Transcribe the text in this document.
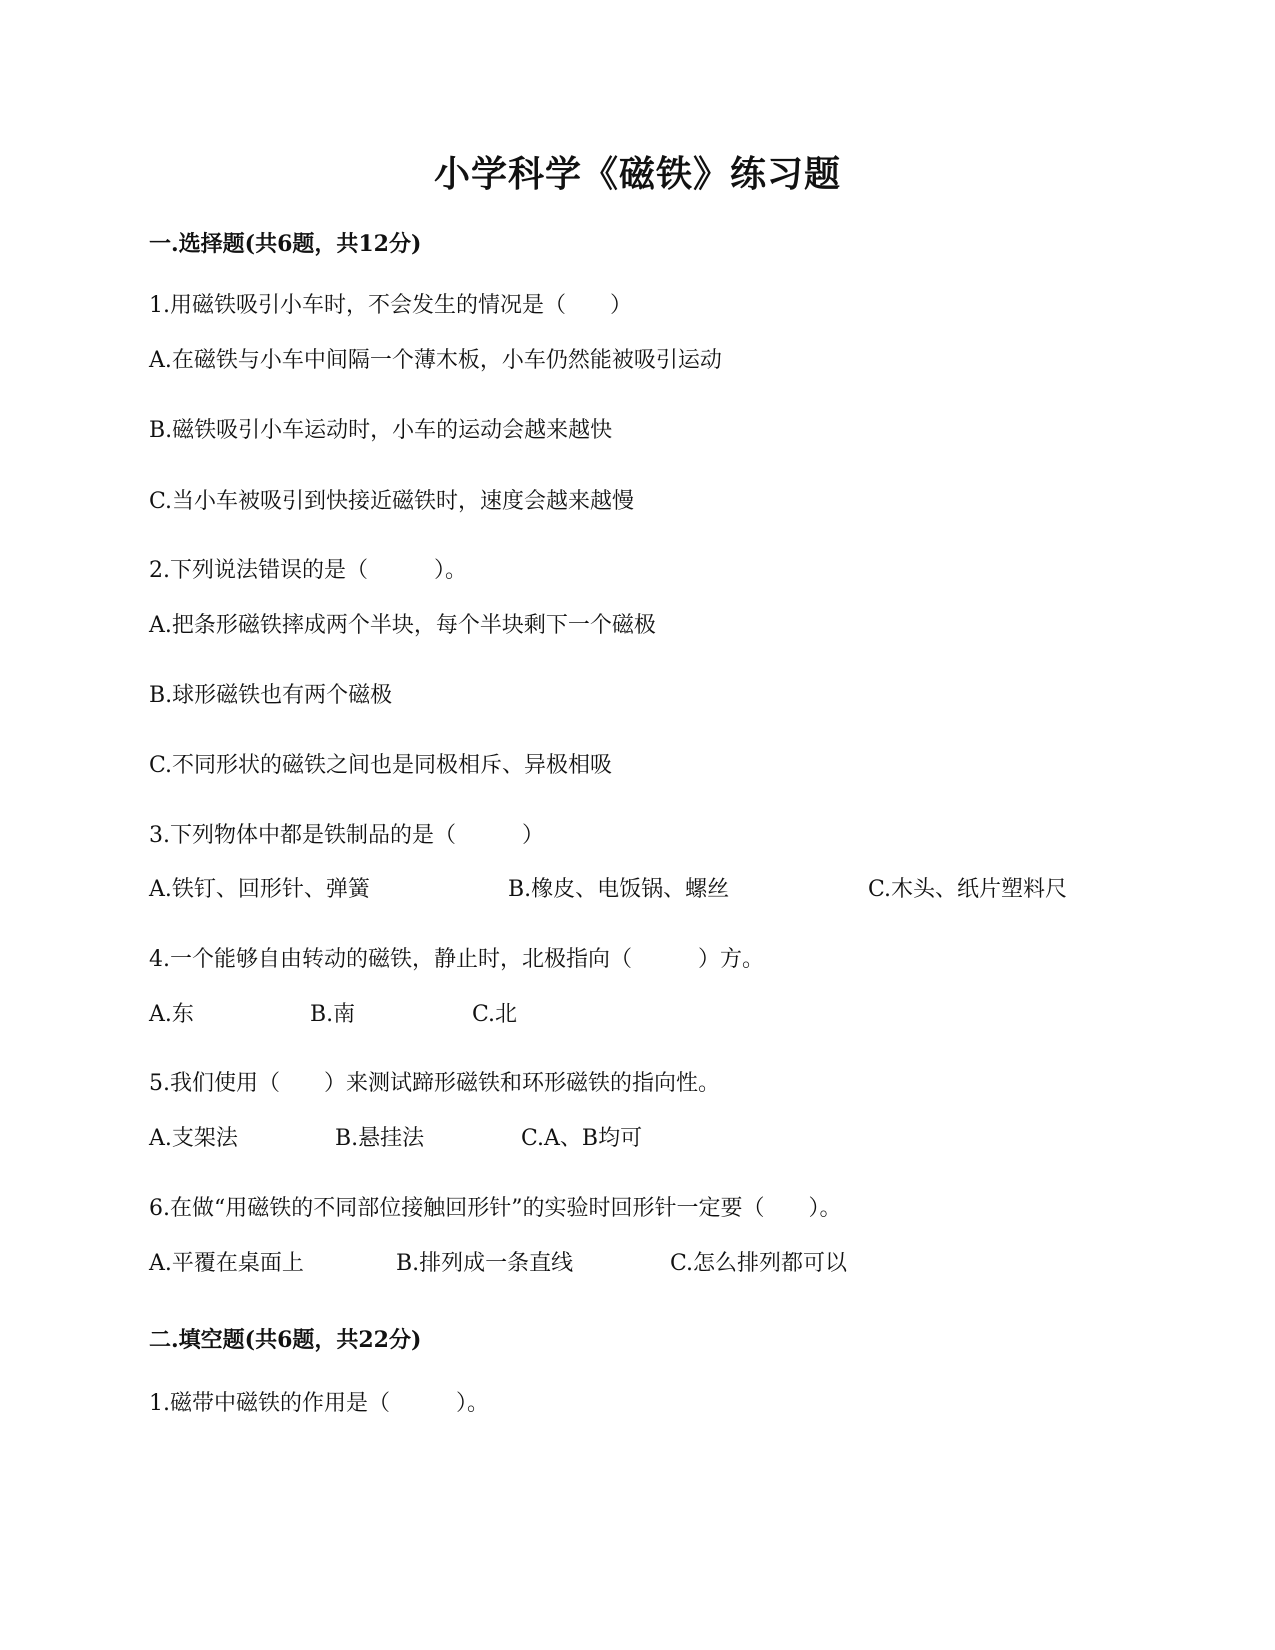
小学科学《磁铁》练习题
一.选择题(共6题，共12分)

1.用磁铁吸引小车时，不会发生的情况是（　　）

A.在磁铁与小车中间隔一个薄木板，小车仍然能被吸引运动

B.磁铁吸引小车运动时，小车的运动会越来越快

C.当小车被吸引到快接近磁铁时，速度会越来越慢

2.下列说法错误的是（　　　）。

A.把条形磁铁摔成两个半块，每个半块剩下一个磁极

B.球形磁铁也有两个磁极

C.不同形状的磁铁之间也是同极相斥、异极相吸

3.下列物体中都是铁制品的是（　　　）

A.铁钉、回形针、弹簧	B.橡皮、电饭锅、螺丝	C.木头、纸片塑料尺

4.一个能够自由转动的磁铁，静止时，北极指向（　　　）方。

A.东	B.南	C.北

5.我们使用（　　）来测试蹄形磁铁和环形磁铁的指向性。

A.支架法	B.悬挂法	C.A、B均可

6.在做“用磁铁的不同部位接触回形针”的实验时回形针一定要（　　）。

A.平覆在桌面上	B.排列成一条直线	C.怎么排列都可以

二.填空题(共6题，共22分)

1.磁带中磁铁的作用是（　　　）。
